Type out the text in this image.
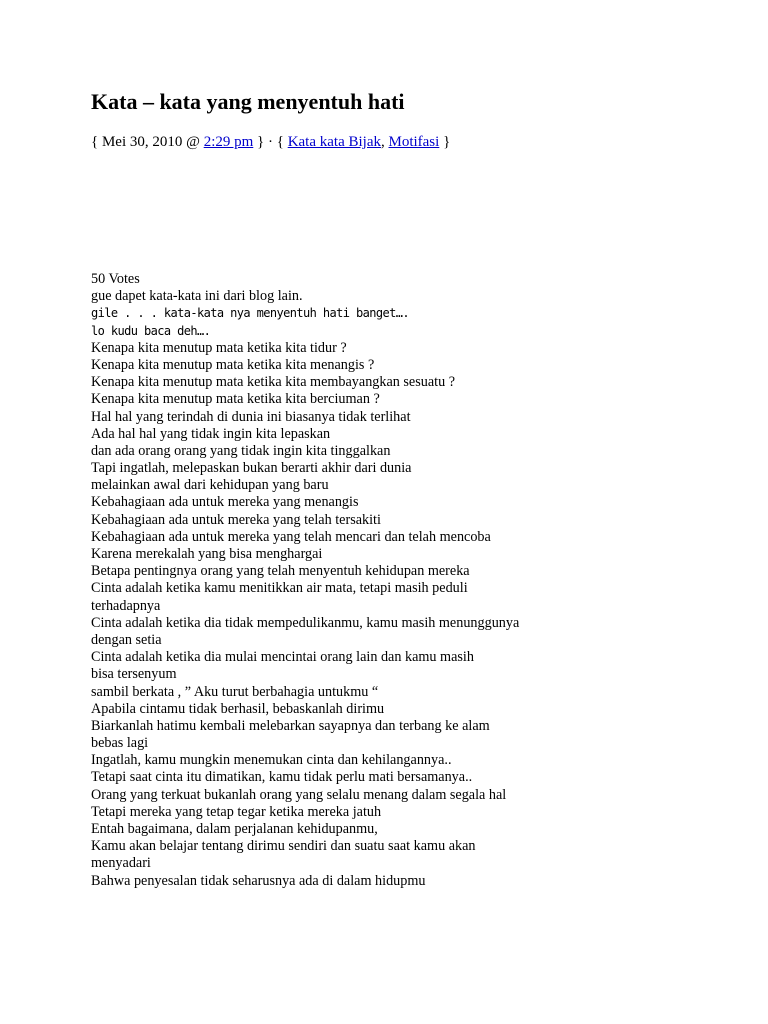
Kata – kata yang menyentuh hati
{ Mei 30, 2010 @ 2:29 pm } · { Kata kata Bijak, Motifasi }
50 Votes
gue dapet kata-kata ini dari blog lain.
gile . . . kata-kata nya menyentuh hati banget….
lo kudu baca deh….
Kenapa kita menutup mata ketika kita tidur ?
Kenapa kita menutup mata ketika kita menangis ?
Kenapa kita menutup mata ketika kita membayangkan sesuatu ?
Kenapa kita menutup mata ketika kita berciuman ?
Hal hal yang terindah di dunia ini biasanya tidak terlihat
Ada hal hal yang tidak ingin kita lepaskan
dan ada orang orang yang tidak ingin kita tinggalkan
Tapi ingatlah, melepaskan bukan berarti akhir dari dunia
melainkan awal dari kehidupan yang baru
Kebahagiaan ada untuk mereka yang menangis
Kebahagiaan ada untuk mereka yang telah tersakiti
Kebahagiaan ada untuk mereka yang telah mencari dan telah mencoba
Karena merekalah yang bisa menghargai
Betapa pentingnya orang yang telah menyentuh kehidupan mereka
Cinta adalah ketika kamu menitikkan air mata, tetapi masih peduli
terhadapnya
Cinta adalah ketika dia tidak mempedulikanmu, kamu masih menunggunya
dengan setia
Cinta adalah ketika dia mulai mencintai orang lain dan kamu masih
bisa tersenyum
sambil berkata , ” Aku turut berbahagia untukmu “
Apabila cintamu tidak berhasil, bebaskanlah dirimu
Biarkanlah hatimu kembali melebarkan sayapnya dan terbang ke alam
bebas lagi
Ingatlah, kamu mungkin menemukan cinta dan kehilangannya..
Tetapi saat cinta itu dimatikan, kamu tidak perlu mati bersamanya..
Orang yang terkuat bukanlah orang yang selalu menang dalam segala hal
Tetapi mereka yang tetap tegar ketika mereka jatuh
Entah bagaimana, dalam perjalanan kehidupanmu,
Kamu akan belajar tentang dirimu sendiri dan suatu saat kamu akan
menyadari
Bahwa penyesalan tidak seharusnya ada di dalam hidupmu
